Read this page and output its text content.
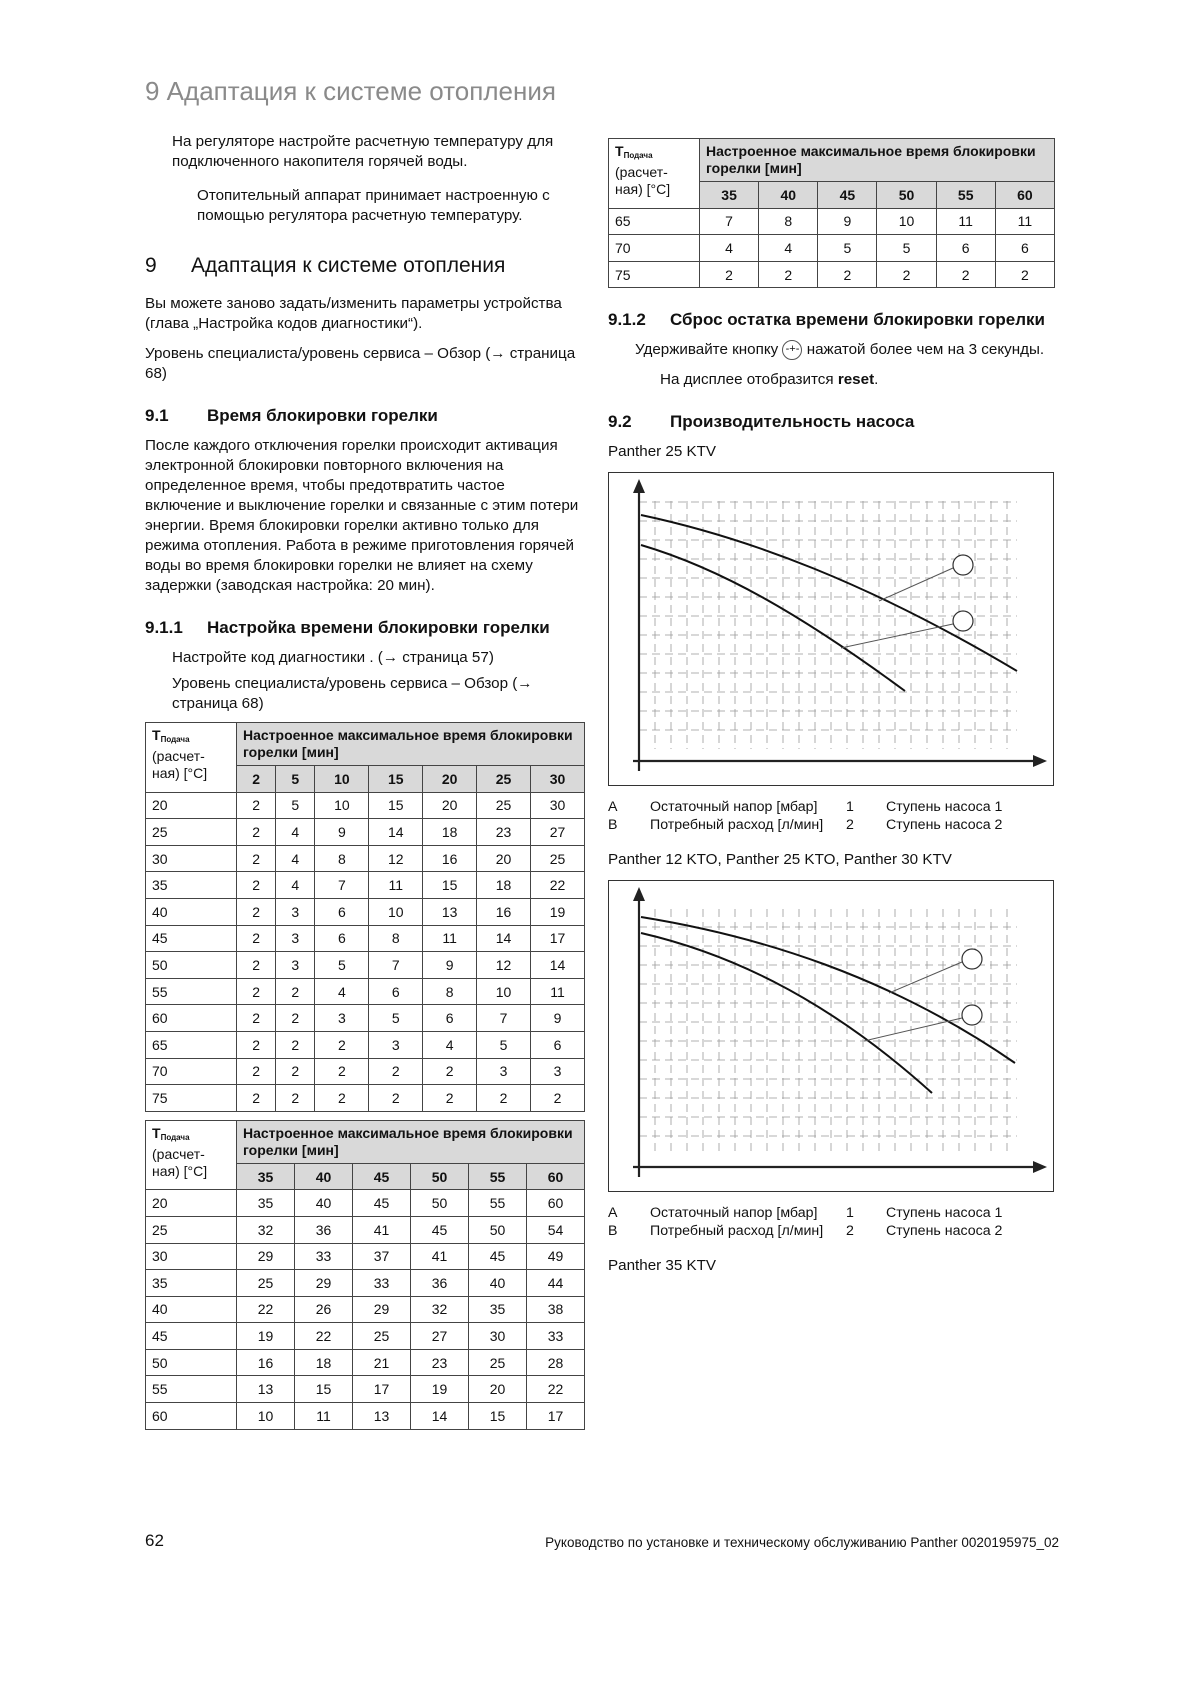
9 Адаптация к системе отопления

На регуляторе настройте расчетную температуру для подключенного накопителя горячей воды.

Отопительный аппарат принимает настроенную с помощью регулятора расчетную температуру.

9	Адаптация к системе отопления

Вы можете заново задать/изменить параметры устройства (глава „Настройка кодов диагностики“).

Уровень специалиста/уровень сервиса – Обзор (→ страница 68)

9.1	Время блокировки горелки

После каждого отключения горелки происходит активация электронной блокировки повторного включения на определенное время, чтобы предотвратить частое включение и выключение горелки и связанные с этим потери энергии. Время блокировки горелки активно только для режима отопления. Работа в режиме приготовления горячей воды во время блокировки горелки не влияет на схему задержки (заводская настройка: 20 мин).

9.1.1	Настройка времени блокировки горелки

Настройте код диагностики . (→ страница 57)

Уровень специалиста/уровень сервиса – Обзор (→ страница 68)

$T_{Подача}$
(расчет-ная) [°C]	Настроенное максимальное время блокировки горелки [мин]						
	2	5	10	15	20	25	30
20	2	5	10	15	20	25	30
25	2	4	9	14	18	23	27
30	2	4	8	12	16	20	25
35	2	4	7	11	15	18	22
40	2	3	6	10	13	16	19
45	2	3	6	8	11	14	17
50	2	3	5	7	9	12	14
55	2	2	4	6	8	10	11
60	2	2	3	5	6	7	9
65	2	2	2	3	4	5	6
70	2	2	2	2	2	3	3
75	2	2	2	2	2	2	2
$T_{Подача}$
(расчет-ная) [°C]	Настроенное максимальное время блокировки горелки [мин]					
	35	40	45	50	55	60
20	35	40	45	50	55	60
25	32	36	41	45	50	54
30	29	33	37	41	45	49
35	25	29	33	36	40	44
40	22	26	29	32	35	38
45	19	22	25	27	30	33
50	16	18	21	23	25	28
55	13	15	17	19	20	22
60	10	11	13	14	15	17
$T_{Подача}$
(расчет-ная) [°C]	Настроенное максимальное время блокировки горелки [мин]					
	35	40	45	50	55	60
65	7	8	9	10	11	11
70	4	4	5	5	6	6
75	2	2	2	2	2	2
9.1.2	Сброс остатка времени блокировки горелки

Удерживайте кнопку -+- нажатой более чем на 3 секунды.

На дисплее отобразится reset.

9.2	Производительность насоса

Panther 25 KTV

A	Остаточный напор [мбар]	1	Ступень насоса 1
B	Потребный расход [л/мин]	2	Ступень насоса 2

Panther 12 KTO, Panther 25 KTO, Panther 30 KTV

A	Остаточный напор [мбар]	1	Ступень насоса 1
B	Потребный расход [л/мин]	2	Ступень насоса 2

Panther 35 KTV

62	Руководство по установке и техническому обслуживанию Panther 0020195975_02
